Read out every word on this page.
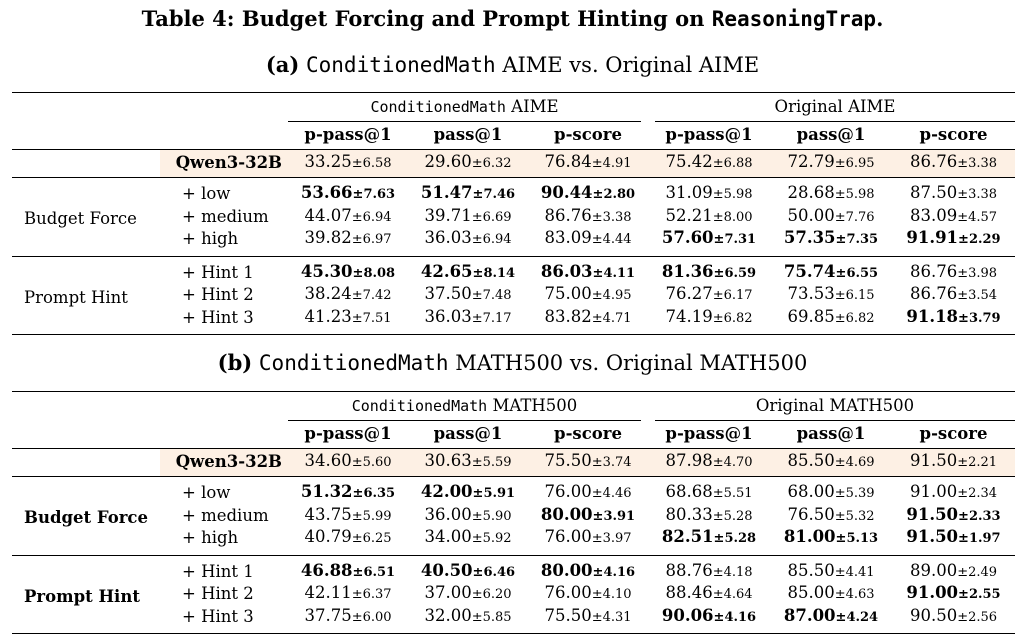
Table 4: Budget Forcing and Prompt Hinting on ReasoningTrap.
(a) ConditionedMath AIME vs. Original AIME

		ConditionedMath AIME			Original AIME		
		p-pass@1	pass@1	p-score	p-pass@1	pass@1	p-score
	Qwen3-32B	33.25±6.58	29.60±6.32	76.84±4.91	75.42±6.88	72.79±6.95	86.76±3.38
Budget Force	+ low	53.66±7.63	51.47±7.46	90.44±2.80	31.09±5.98	28.68±5.98	87.50±3.38
	+ medium	44.07±6.94	39.71±6.69	86.76±3.38	52.21±8.00	50.00±7.76	83.09±4.57
	+ high	39.82±6.97	36.03±6.94	83.09±4.44	57.60±7.31	57.35±7.35	91.91±2.29
Prompt Hint	+ Hint 1	45.30±8.08	42.65±8.14	86.03±4.11	81.36±6.59	75.74±6.55	86.76±3.98
	+ Hint 2	38.24±7.42	37.50±7.48	75.00±4.95	76.27±6.17	73.53±6.15	86.76±3.54
	+ Hint 3	41.23±7.51	36.03±7.17	83.82±4.71	74.19±6.82	69.85±6.82	91.18±3.79

(b) ConditionedMath MATH500 vs. Original MATH500

		ConditionedMath MATH500			Original MATH500		
		p-pass@1	pass@1	p-score	p-pass@1	pass@1	p-score
	Qwen3-32B	34.60±5.60	30.63±5.59	75.50±3.74	87.98±4.70	85.50±4.69	91.50±2.21
Budget Force	+ low	51.32±6.35	42.00±5.91	76.00±4.46	68.68±5.51	68.00±5.39	91.00±2.34
	+ medium	43.75±5.99	36.00±5.90	80.00±3.91	80.33±5.28	76.50±5.32	91.50±2.33
	+ high	40.79±6.25	34.00±5.92	76.00±3.97	82.51±5.28	81.00±5.13	91.50±1.97
Prompt Hint	+ Hint 1	46.88±6.51	40.50±6.46	80.00±4.16	88.76±4.18	85.50±4.41	89.00±2.49
	+ Hint 2	42.11±6.37	37.00±6.20	76.00±4.10	88.46±4.64	85.00±4.63	91.00±2.55
	+ Hint 3	37.75±6.00	32.00±5.85	75.50±4.31	90.06±4.16	87.00±4.24	90.50±2.56
